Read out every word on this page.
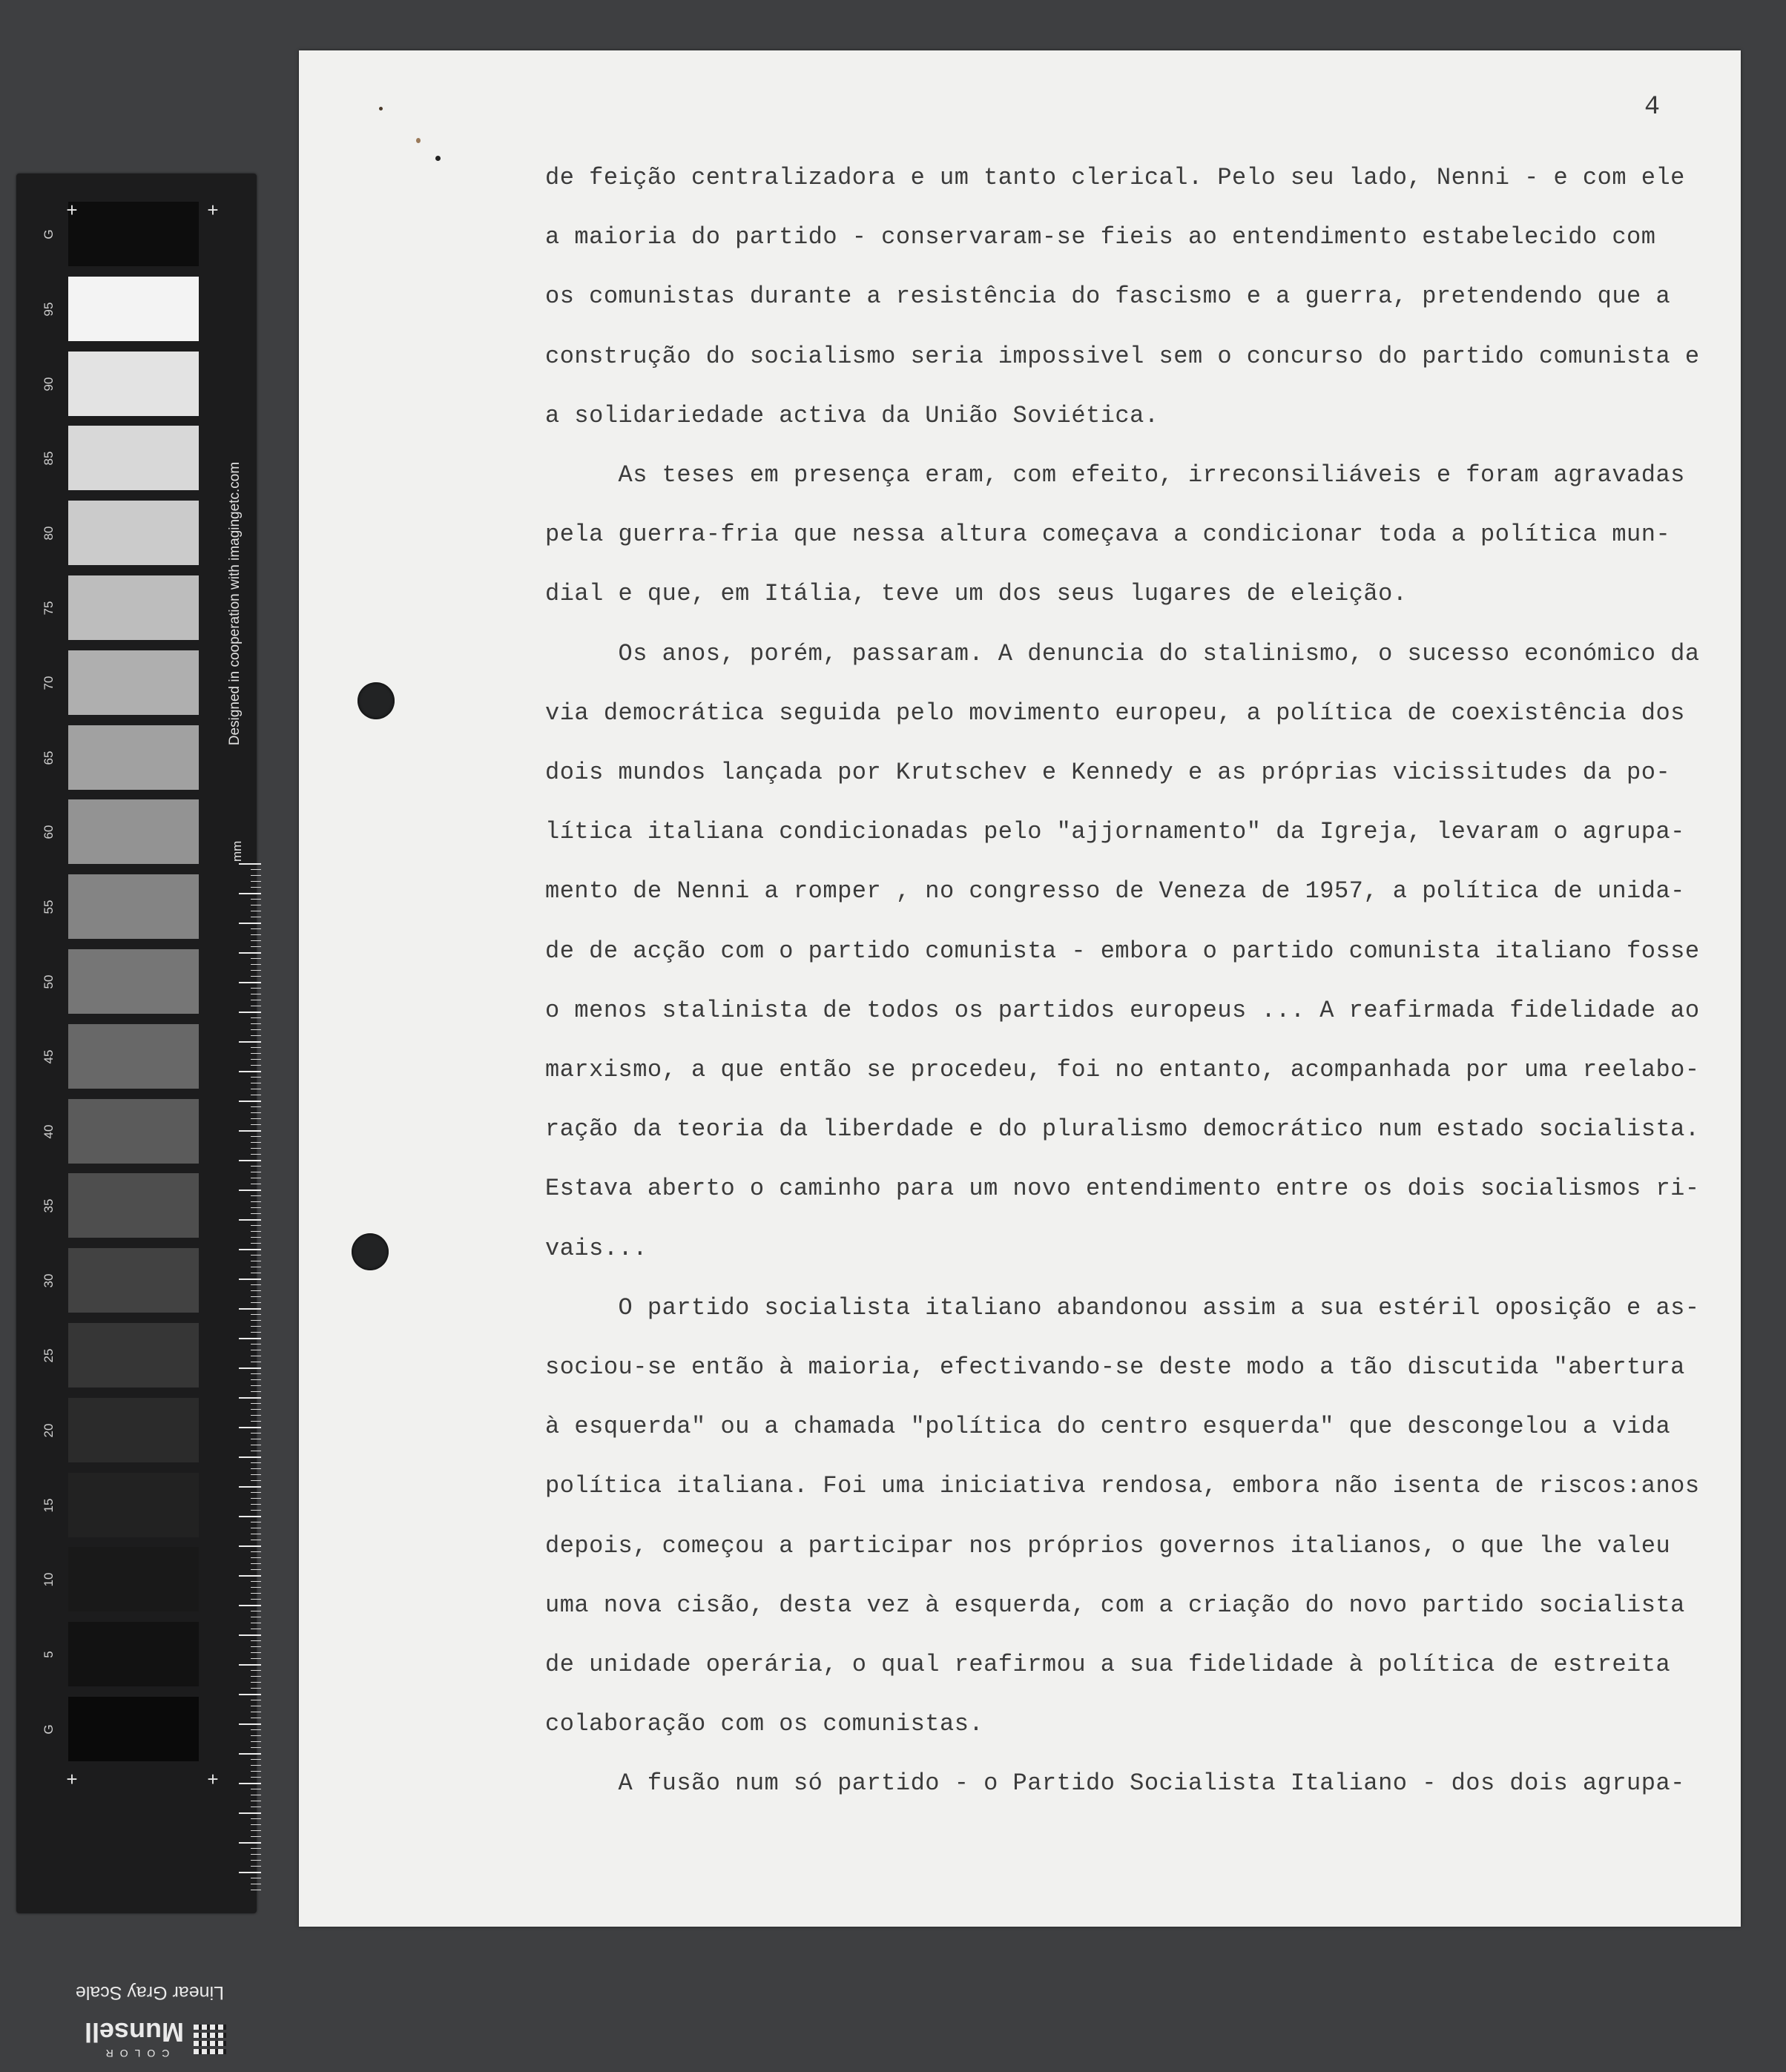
G
95
90
85
80
75
70
65
60
55
50
45
40
35
30
25
20
15
10
5
G
+	+
+	+
Designed in cooperation with imagingetc.com
mm
Linear Gray Scale
COLOR
Munsell
4
de feição centralizadora e um tanto clerical. Pelo seu lado, Nenni - e com ele
a maioria do partido - conservaram-se fieis ao entendimento estabelecido com
os comunistas durante a resistência do fascismo e a guerra, pretendendo que a
construção do socialismo seria impossivel sem o concurso do partido comunista e
a solidariedade activa da União Soviética.
As teses em presença eram, com efeito, irreconsiliáveis e foram agravadas
pela guerra-fria que nessa altura começava a condicionar toda a política mun-
dial e que, em Itália, teve um dos seus lugares de eleição.
Os anos, porém, passaram. A denuncia do stalinismo, o sucesso económico da
via democrática seguida pelo movimento europeu, a política de coexistência dos
dois mundos lançada por Krutschev e Kennedy e as próprias vicissitudes da po-
lítica italiana condicionadas pelo "ajjornamento" da Igreja, levaram o agrupa-
mento de Nenni a romper , no congresso de Veneza de 1957, a política de unida-
de de acção com o partido comunista - embora o partido comunista italiano fosse
o menos stalinista de todos os partidos europeus ... A reafirmada fidelidade ao
marxismo, a que então se procedeu, foi no entanto, acompanhada por uma reelabo-
ração da teoria da liberdade e do pluralismo democrático num estado socialista.
Estava aberto o caminho para um novo entendimento entre os dois socialismos ri-
vais...
O partido socialista italiano abandonou assim a sua estéril oposição e as-
sociou-se então à maioria, efectivando-se deste modo a tão discutida "abertura
à esquerda" ou a chamada "política do centro esquerda" que descongelou a vida
política italiana. Foi uma iniciativa rendosa, embora não isenta de riscos:anos
depois, começou a participar nos próprios governos italianos, o que lhe valeu
uma nova cisão, desta vez à esquerda, com a criação do novo partido socialista
de unidade operária, o qual reafirmou a sua fidelidade à política de estreita
colaboração com os comunistas.
A fusão num só partido - o Partido Socialista Italiano - dos dois agrupa-
